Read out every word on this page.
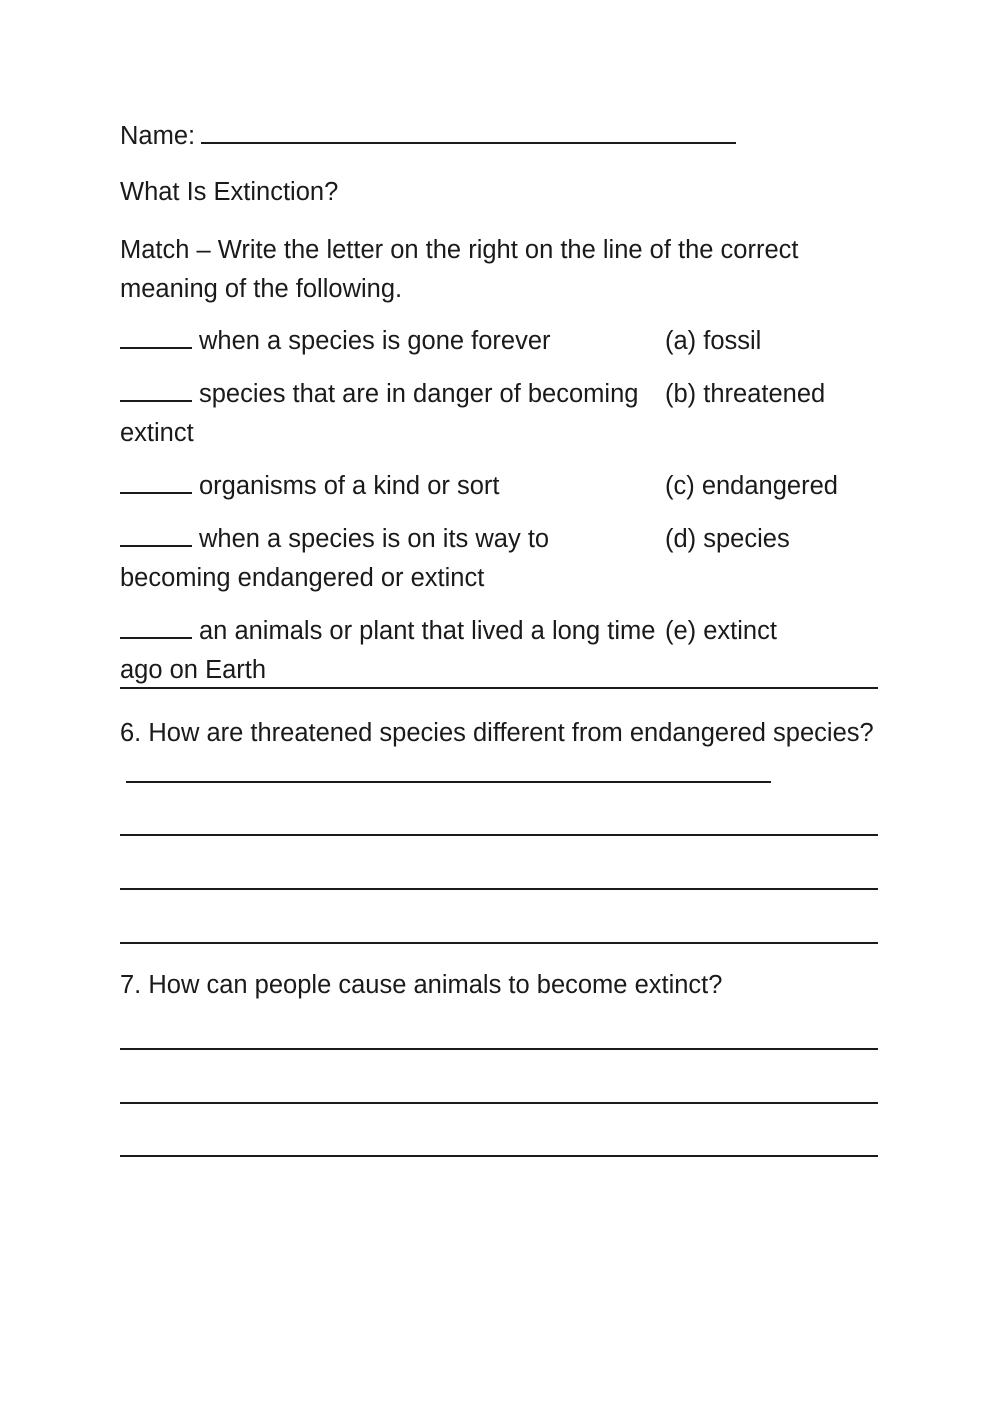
Name:
What Is Extinction?
Match – Write the letter on the right on the line of the correct meaning of the following.
when a species is gone forever	(a) fossil
species that are in danger of becoming extinct
(b) threatened
organisms of a kind or sort	(c) endangered
when a species is on its way to becoming endangered or extinct
(d) species
an animals or plant that lived a long time ago on Earth
(e) extinct
6. How are threatened species different from endangered species?
7. How can people cause animals to become extinct?
